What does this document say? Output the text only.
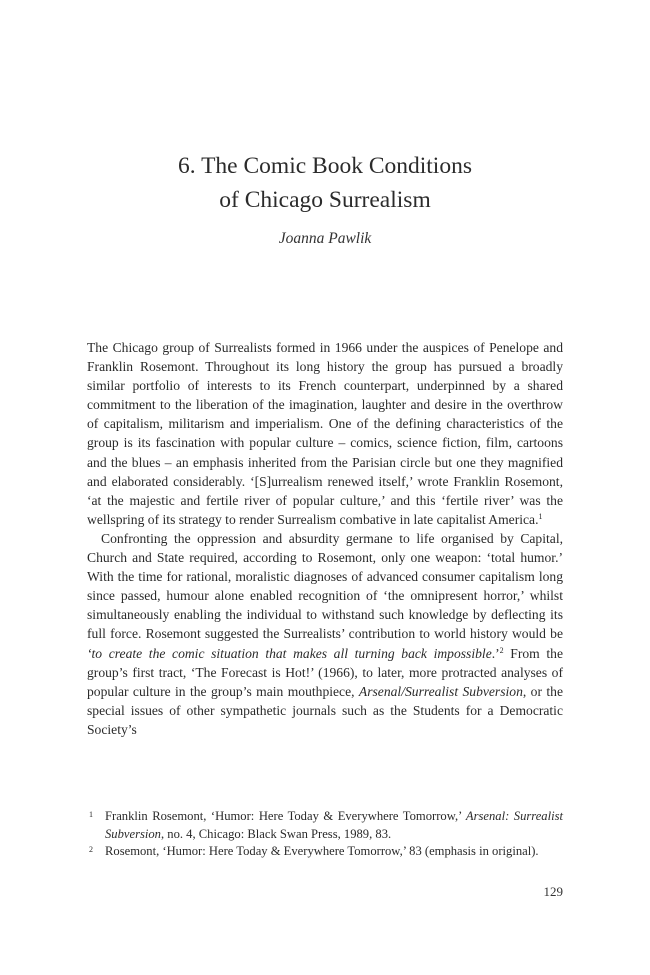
6. The Comic Book Conditions
of Chicago Surrealism
Joanna Pawlik

The Chicago group of Surrealists formed in 1966 under the auspices of Penelope and Franklin Rosemont. Throughout its long history the group has pursued a broadly similar portfolio of interests to its French counterpart, underpinned by a shared commitment to the liberation of the imagination, laughter and desire in the overthrow of capitalism, militarism and imperialism. One of the defining characteristics of the group is its fascination with popular culture – comics, science fiction, film, cartoons and the blues – an emphasis inherited from the Parisian circle but one they magnified and elaborated considerably. ‘[S]urrealism renewed itself,’ wrote Franklin Rosemont, ‘at the majestic and fertile river of popular culture,’ and this ‘fertile river’ was the wellspring of its strategy to render Surrealism combative in late capitalist America.$^1$

Confronting the oppression and absurdity germane to life organised by Capital, Church and State required, according to Rosemont, only one weapon: ‘total humor.’ With the time for rational, moralistic diagnoses of advanced consumer capitalism long since passed, humour alone enabled recognition of ‘the omnipresent horror,’ whilst simultaneously enabling the individual to withstand such knowledge by deflecting its full force. Rosemont suggested the Surrealists’ contribution to world history would be ‘to create the comic situation that makes all turning back impossible.’$^2$ From the group’s first tract, ‘The Forecast is Hot!’ (1966), to later, more protracted analyses of popular culture in the group’s main mouthpiece, Arsenal/Surrealist Subversion, or the special issues of other sympathetic journals such as the Students for a Democratic Society’s

1 Franklin Rosemont, ‘Humor: Here Today & Everywhere Tomorrow,’ Arsenal: Surrealist Subversion, no. 4, Chicago: Black Swan Press, 1989, 83.
2 Rosemont, ‘Humor: Here Today & Everywhere Tomorrow,’ 83 (emphasis in original).
129
